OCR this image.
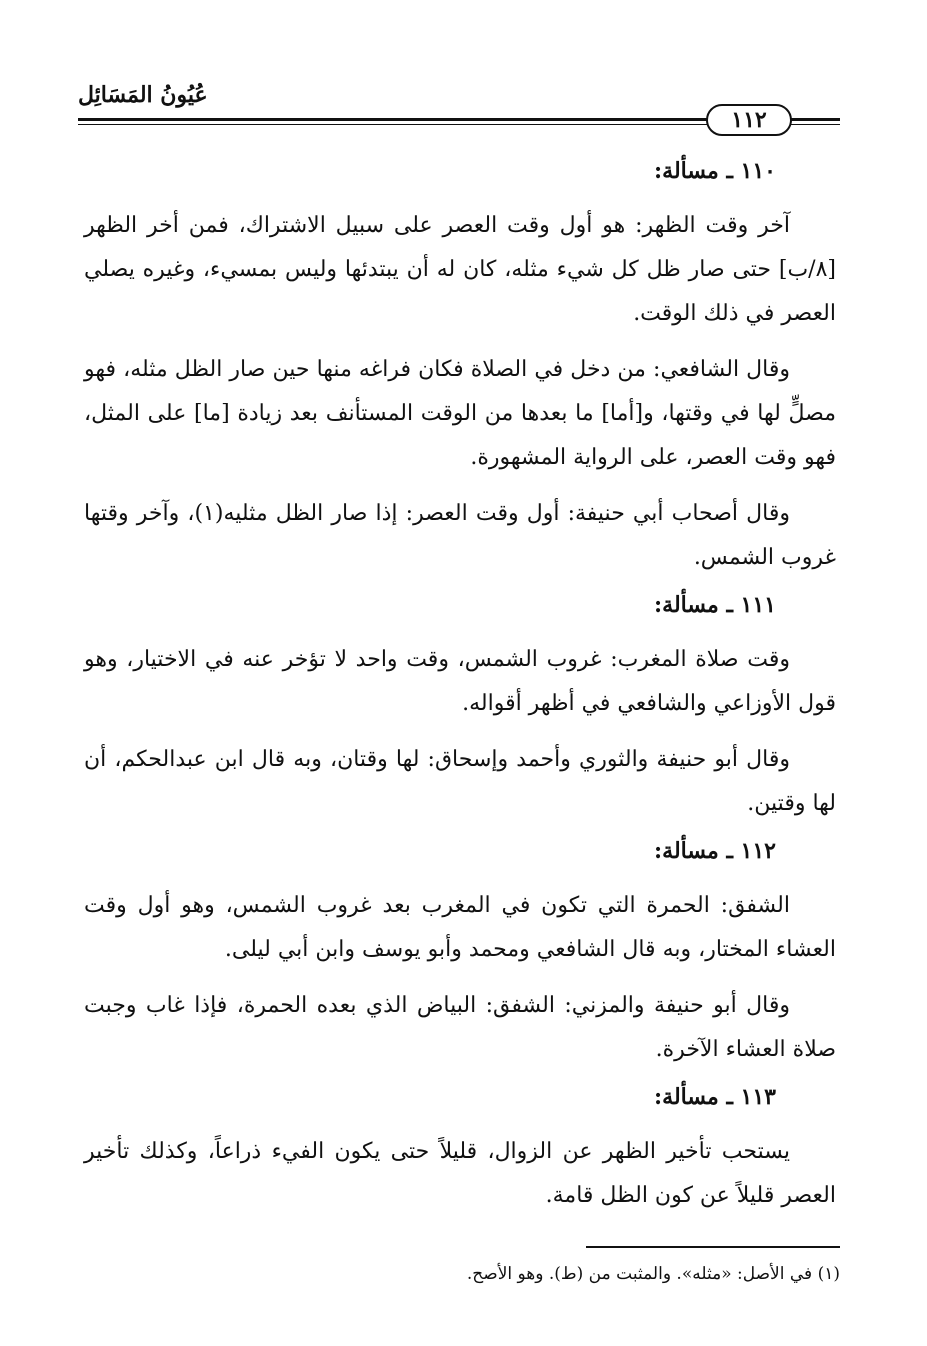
عُيُونُ المَسَائِل
١١٢
١١٠ ـ مسألة:

آخر وقت الظهر: هو أول وقت العصر على سبيل الاشتراك، فمن أخر الظهر [٨/ب] حتى صار ظل كل شيء مثله، كان له أن يبتدئها وليس بمسيء، وغيره يصلي العصر في ذلك الوقت.

وقال الشافعي: من دخل في الصلاة فكان فراغه منها حين صار الظل مثله، فهو مصلٍّ لها في وقتها، و[أما] ما بعدها من الوقت المستأنف بعد زيادة [ما] على المثل، فهو وقت العصر، على الرواية المشهورة.

وقال أصحاب أبي حنيفة: أول وقت العصر: إذا صار الظل مثليه(١)، وآخر وقتها غروب الشمس.

١١١ ـ مسألة:

وقت صلاة المغرب: غروب الشمس، وقت واحد لا تؤخر عنه في الاختيار، وهو قول الأوزاعي والشافعي في أظهر أقواله.

وقال أبو حنيفة والثوري وأحمد وإسحاق: لها وقتان، وبه قال ابن عبدالحكم، أن لها وقتين.

١١٢ ـ مسألة:

الشفق: الحمرة التي تكون في المغرب بعد غروب الشمس، وهو أول وقت العشاء المختار، وبه قال الشافعي ومحمد وأبو يوسف وابن أبي ليلى.

وقال أبو حنيفة والمزني: الشفق: البياض الذي بعده الحمرة، فإذا غاب وجبت صلاة العشاء الآخرة.

١١٣ ـ مسألة:

يستحب تأخير الظهر عن الزوال، قليلاً حتى يكون الفيء ذراعاً، وكذلك تأخير العصر قليلاً عن كون الظل قامة.

(١) في الأصل: «مثله». والمثبت من (ط). وهو الأصح.
